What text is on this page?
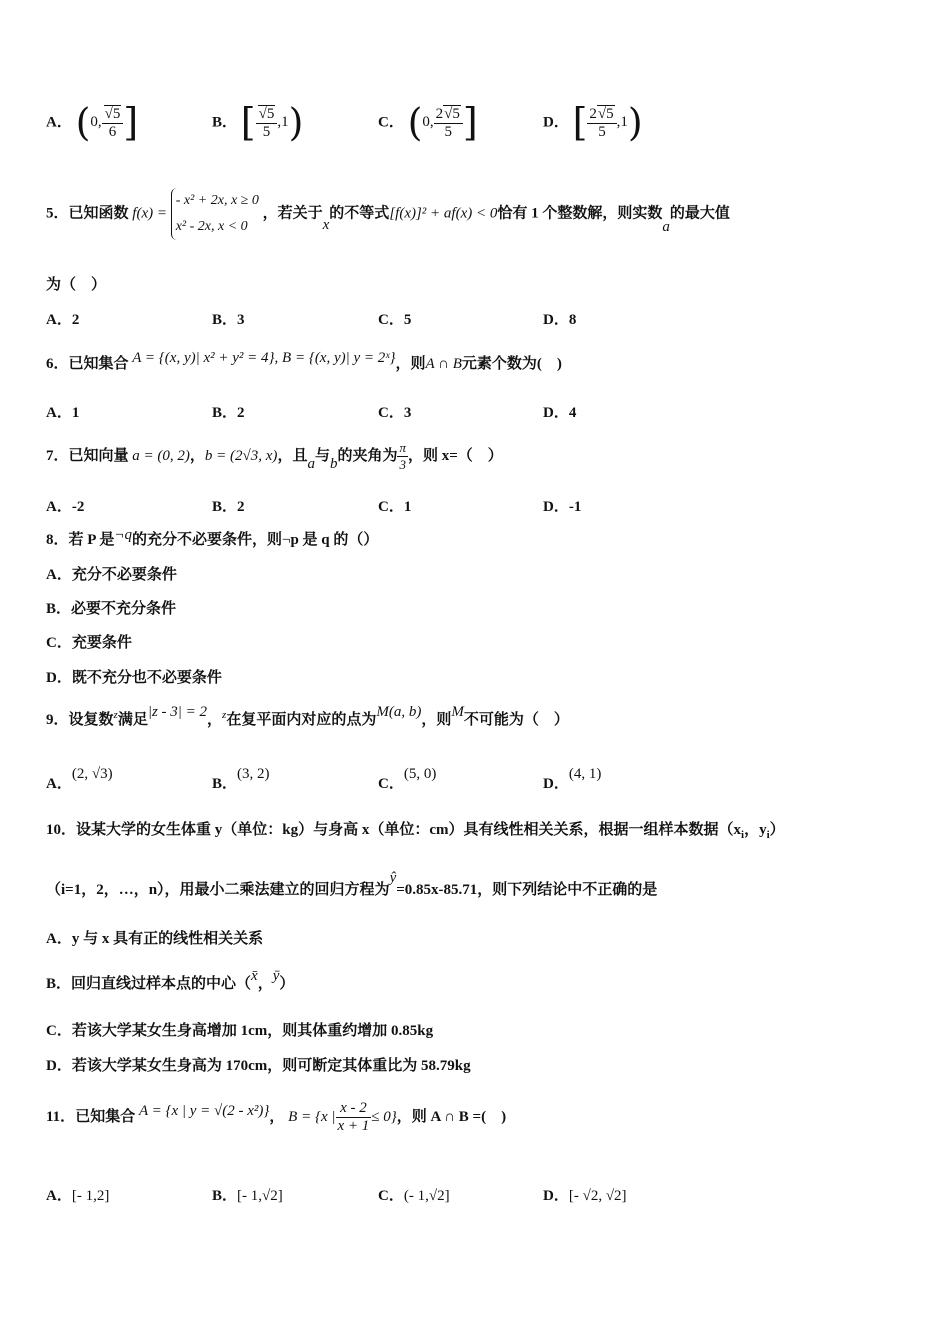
A． (0, $\frac{√5}{6}$ ]	B． [ $\frac{√5}{5} ,1$)	C． (0, $\frac{2√5}{5}$ ]	D． [ $\frac{2√5}{5} ,1$)
5．已知函数 f(x) =
- x² + 2x, x ≥ 0
x² - 2x, x < 0
，若关于x的不等式[f(x)]² + af(x) < 0恰有 1 个整数解，则实数a的最大值
为（　）
A．2	B．3	C．5	D．8
6．已知集合 A = {(x, y)| x² + y² = 4}, B = {(x, y)| y = 2ˣ}，则A ∩ B元素个数为(　)
A．1	B．2	C．3	D．4
7．已知向量 a = (0, 2)，b = (2√3, x)，且a与b的夹角为 $\frac{\pi}{3}$ ，则 x=（　）
A．-2	B．2	C．1	D．-1
8．若 P 是¬q的充分不必要条件，则¬p 是 q 的（）
A．充分不必要条件
B．必要不充分条件
C．充要条件
D．既不充分也不必要条件
9．设复数$^z$满足|z - 3| = 2，$^z$在复平面内对应的点为M(a, b)，则M不可能为（　）
A．(2, √3)
B．(3, 2)
C．(5, 0)
D．(4, 1)
10．设某大学的女生体重 y（单位：kg）与身高 x（单位：cm）具有线性相关关系，根据一组样本数据（$x_i$，$y_i$）
（i=1，2，…，n），用最小二乘法建立的回归方程为ŷ=0.85x-85.71，则下列结论中不正确的是
A．y 与 x 具有正的线性相关关系
B．回归直线过样本点的中心（x̄，ȳ）
C．若该大学某女生身高增加 1cm，则其体重约增加 0.85kg
D．若该大学某女生身高为 170cm，则可断定其体重比为 58.79kg
11．已知集合 A = {x | y = √(2 - x²)}， B = {x | $\frac{x - 2}{x + 1} \le 0$}，则 A ∩ B =(　)
A．[- 1,2]	B．[- 1,√2]	C．(- 1,√2]	D．[- √2, √2]
